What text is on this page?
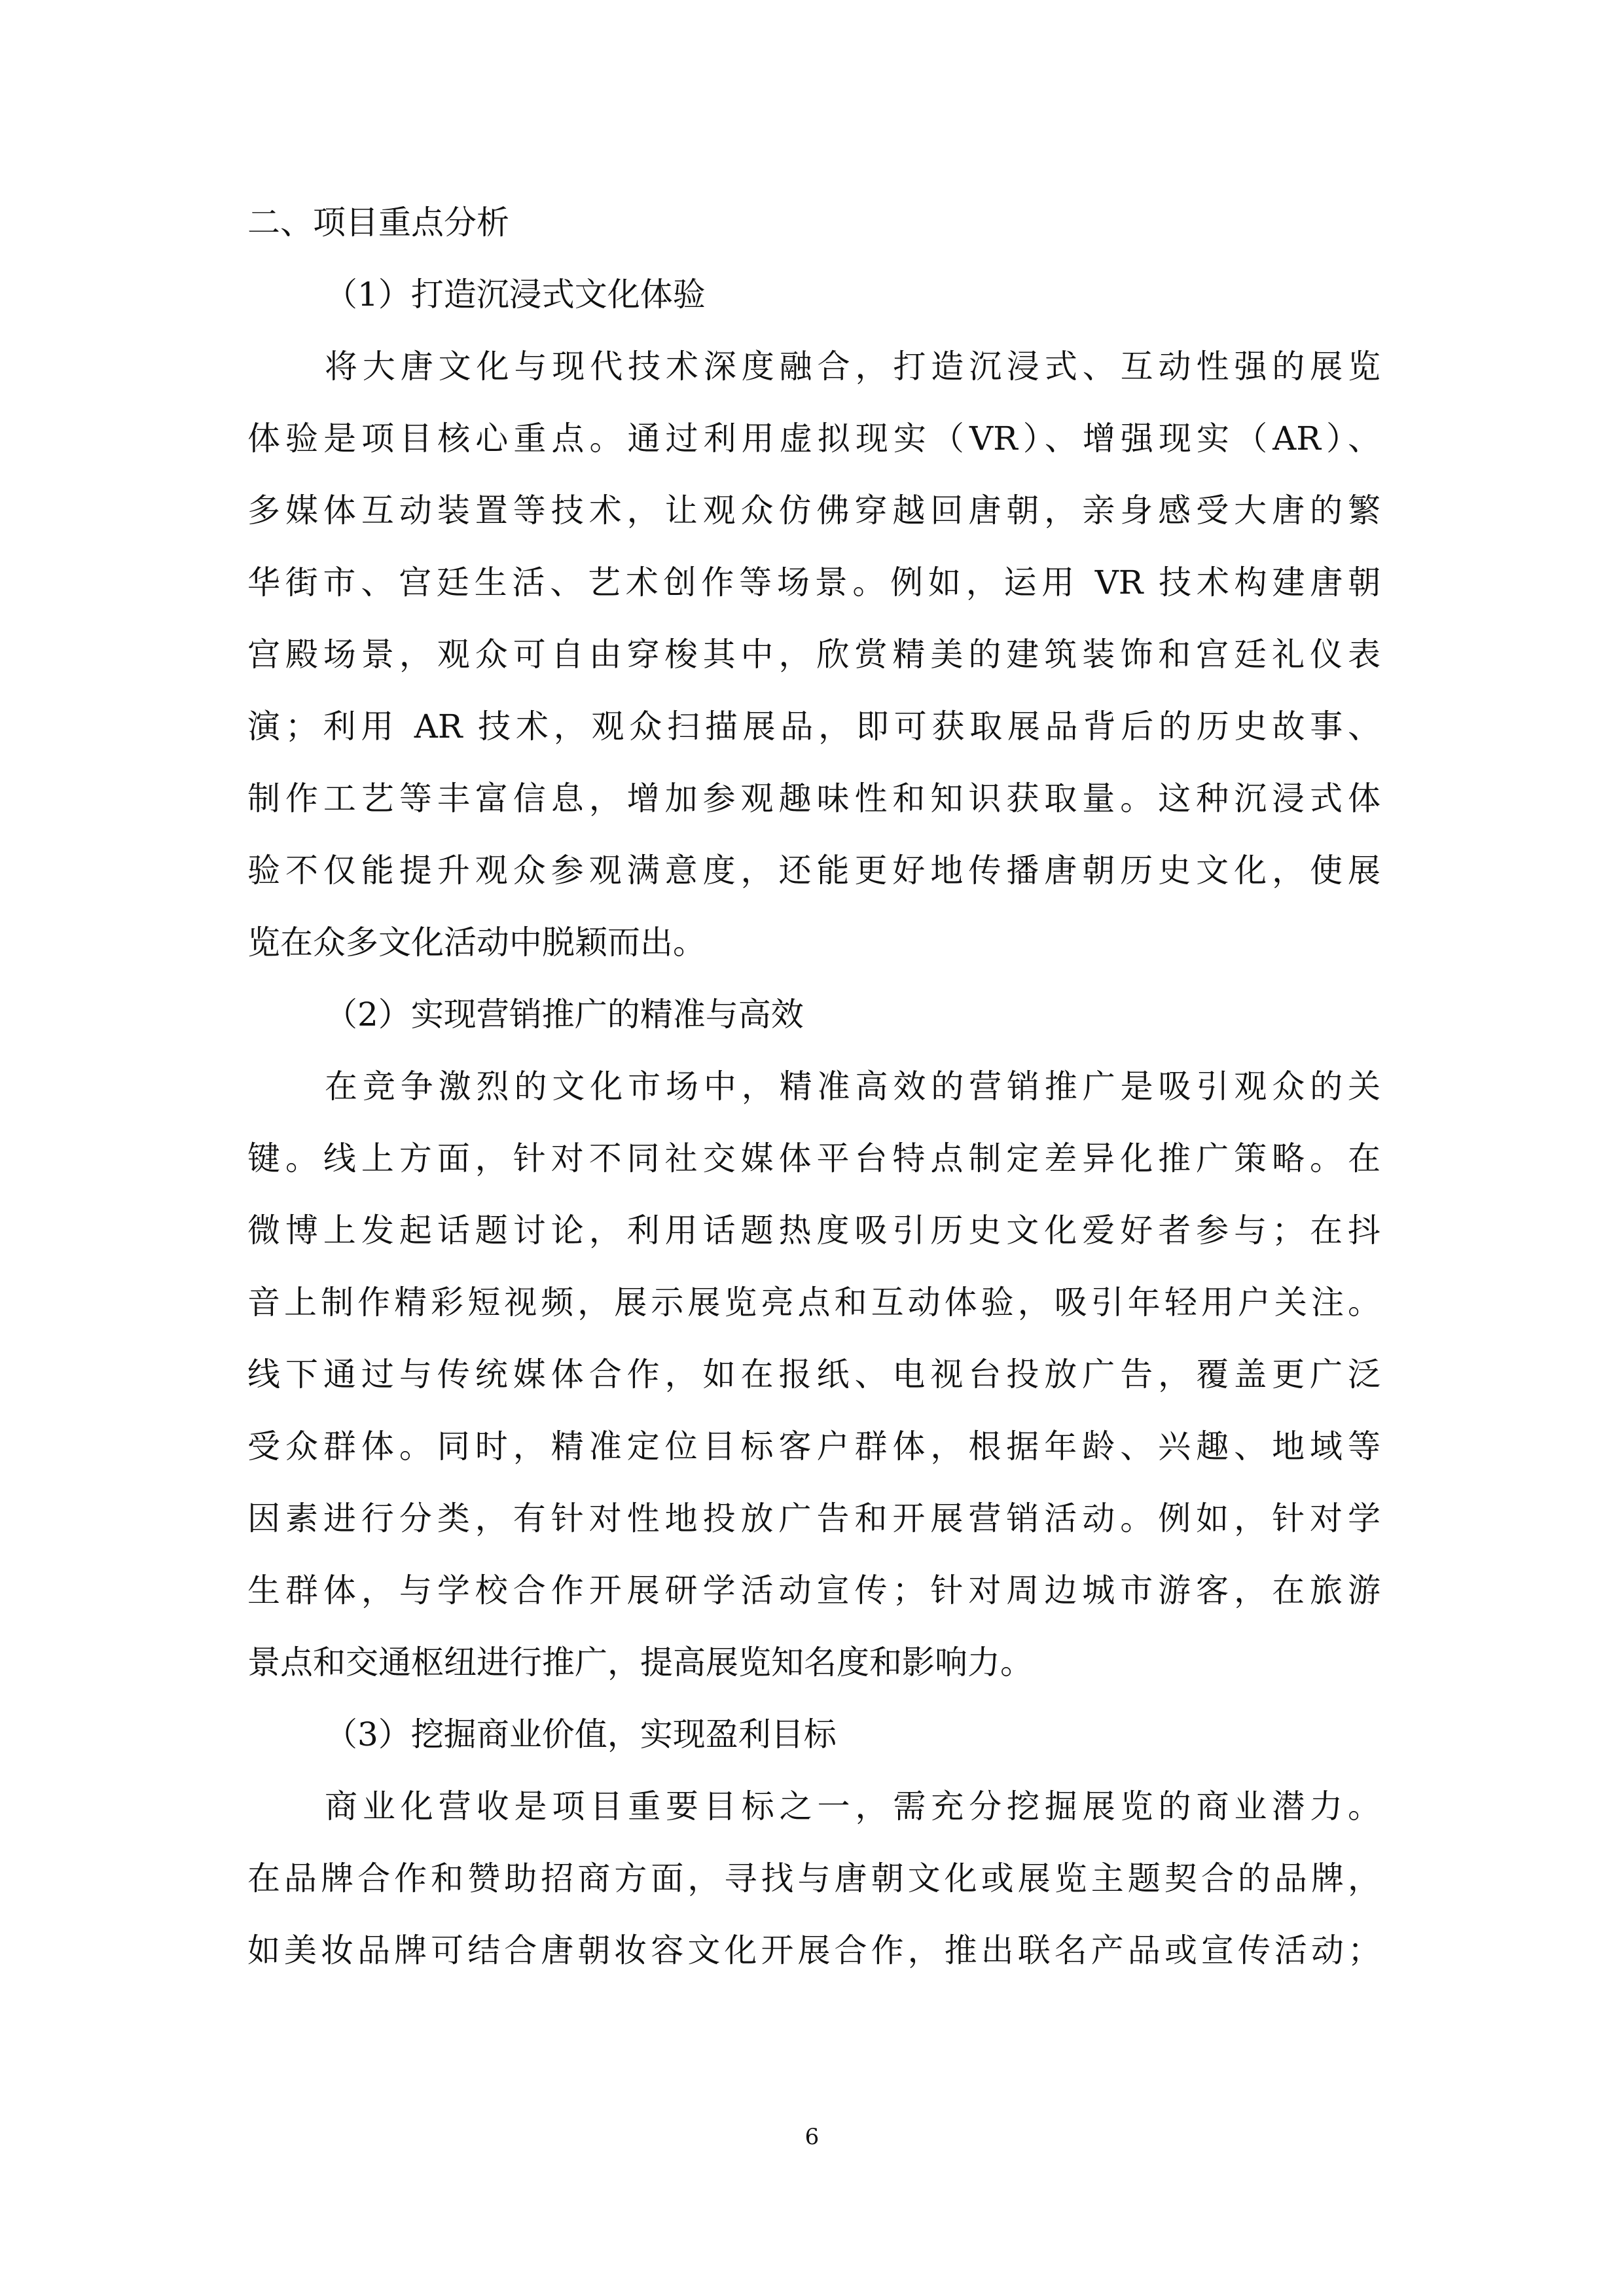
二、项目重点分析
（1）打造沉浸式文化体验
将大唐文化与现代技术深度融合，打造沉浸式、互动性强的展览
体验是项目核心重点。通过利用虚拟现实（VR）、增强现实（AR）、
多媒体互动装置等技术，让观众仿佛穿越回唐朝，亲身感受大唐的繁
华街市、宫廷生活、艺术创作等场景。例如，运用 VR 技术构建唐朝
宫殿场景，观众可自由穿梭其中，欣赏精美的建筑装饰和宫廷礼仪表
演；利用 AR 技术，观众扫描展品，即可获取展品背后的历史故事、
制作工艺等丰富信息，增加参观趣味性和知识获取量。这种沉浸式体
验不仅能提升观众参观满意度，还能更好地传播唐朝历史文化，使展
览在众多文化活动中脱颖而出。
（2）实现营销推广的精准与高效
在竞争激烈的文化市场中，精准高效的营销推广是吸引观众的关
键。线上方面，针对不同社交媒体平台特点制定差异化推广策略。在
微博上发起话题讨论，利用话题热度吸引历史文化爱好者参与；在抖
音上制作精彩短视频，展示展览亮点和互动体验，吸引年轻用户关注。
线下通过与传统媒体合作，如在报纸、电视台投放广告，覆盖更广泛
受众群体。同时，精准定位目标客户群体，根据年龄、兴趣、地域等
因素进行分类，有针对性地投放广告和开展营销活动。例如，针对学
生群体，与学校合作开展研学活动宣传；针对周边城市游客，在旅游
景点和交通枢纽进行推广，提高展览知名度和影响力。
（3）挖掘商业价值，实现盈利目标
商业化营收是项目重要目标之一，需充分挖掘展览的商业潜力。
在品牌合作和赞助招商方面，寻找与唐朝文化或展览主题契合的品牌，
如美妆品牌可结合唐朝妆容文化开展合作，推出联名产品或宣传活动；
6
